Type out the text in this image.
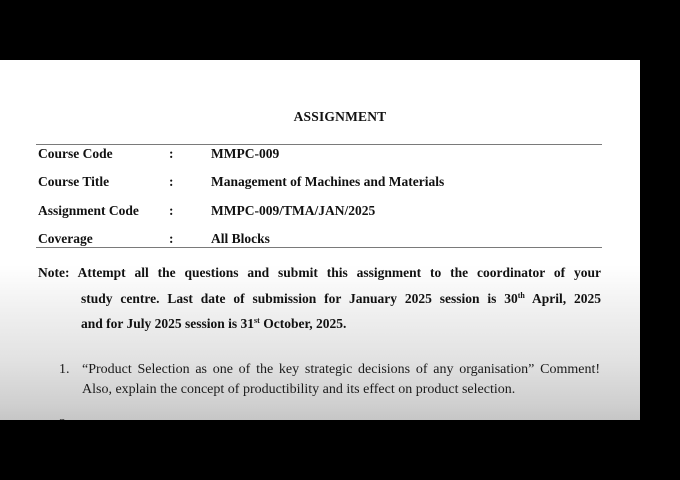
ASSIGNMENT
Course Code	:	MMPC-009
Course Title	:	Management of Machines and Materials
Assignment Code :	MMPC-009/TMA/JAN/2025
Coverage	:	All Blocks
Note: Attempt all the questions and submit this assignment to the coordinator of your
study centre. Last date of submission for January 2025 session is 30th April, 2025
and for July 2025 session is 31st October, 2025.
1. “Product Selection as one of the key strategic decisions of any organisation” Comment!
Also, explain the concept of productibility and its effect on product selection.
